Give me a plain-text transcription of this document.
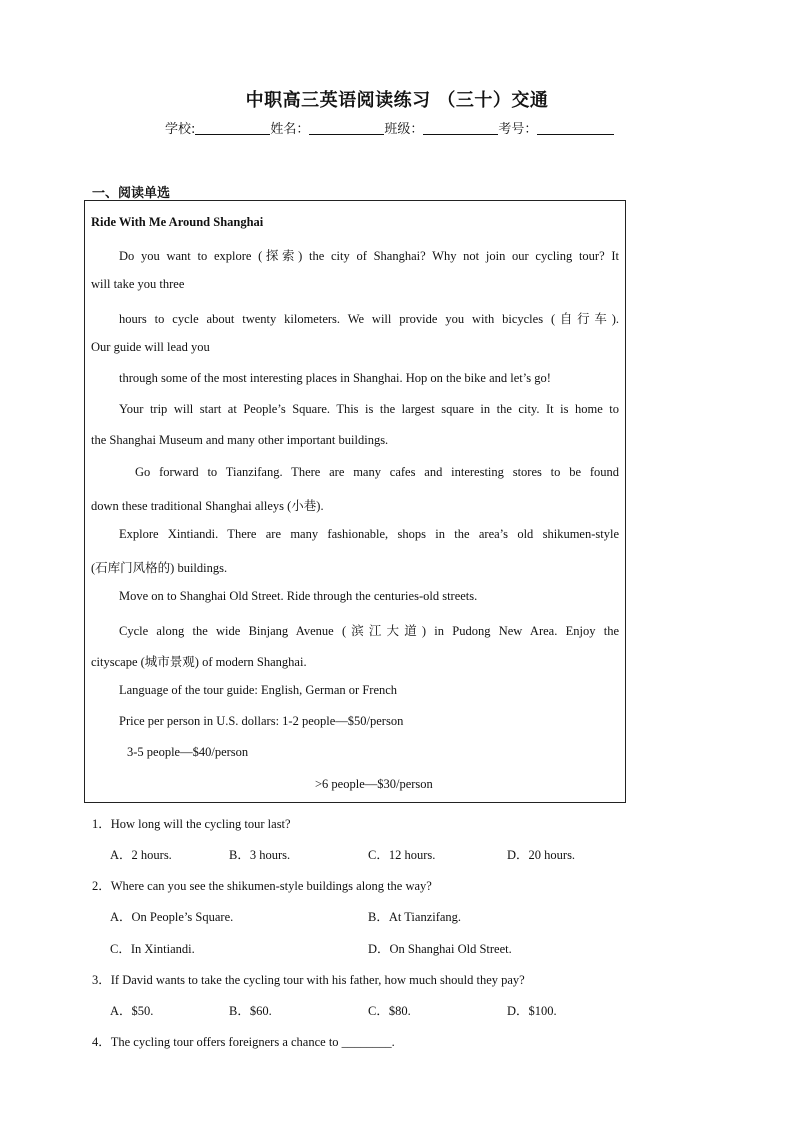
中职高三英语阅读练习 （三十）交通
学校:	姓名：	班级：	考号：
一、阅读单选
Ride With Me Around Shanghai
Do you want to explore (探索) the city of Shanghai? Why not join our cycling tour? It
will take you three
hours to cycle about twenty kilometers. We will provide you with bicycles (自行车).
Our guide will lead you
through some of the most interesting places in Shanghai. Hop on the bike and let’s go!
Your trip will start at People’s Square. This is the largest square in the city. It is home to
the Shanghai Museum and many other important buildings.
Go forward to Tianzifang. There are many cafes and interesting stores to be found
down these traditional Shanghai alleys (小巷).
Explore Xintiandi. There are many fashionable, shops in the area’s old shikumen-style
(石库门风格的) buildings.
Move on to Shanghai Old Street. Ride through the centuries-old streets.
Cycle along the wide Binjang Avenue (滨江大道) in Pudong New Area. Enjoy the
cityscape (城市景观) of modern Shanghai.
Language of the tour guide: English, German or French
Price per person in U.S. dollars: 1-2 people—$50/person
3-5 people—$40/person
>6 people—$30/person
1．How long will the cycling tour last?
A．2 hours.	B．3 hours.	C．12 hours.	D．20 hours.
2．Where can you see the shikumen-style buildings along the way?
A．On People’s Square.	B．At Tianzifang.
C．In Xintiandi.	D．On Shanghai Old Street.
3．If David wants to take the cycling tour with his father, how much should they pay?
A．$50.	B．$60.	C．$80.	D．$100.
4．The cycling tour offers foreigners a chance to ________.
